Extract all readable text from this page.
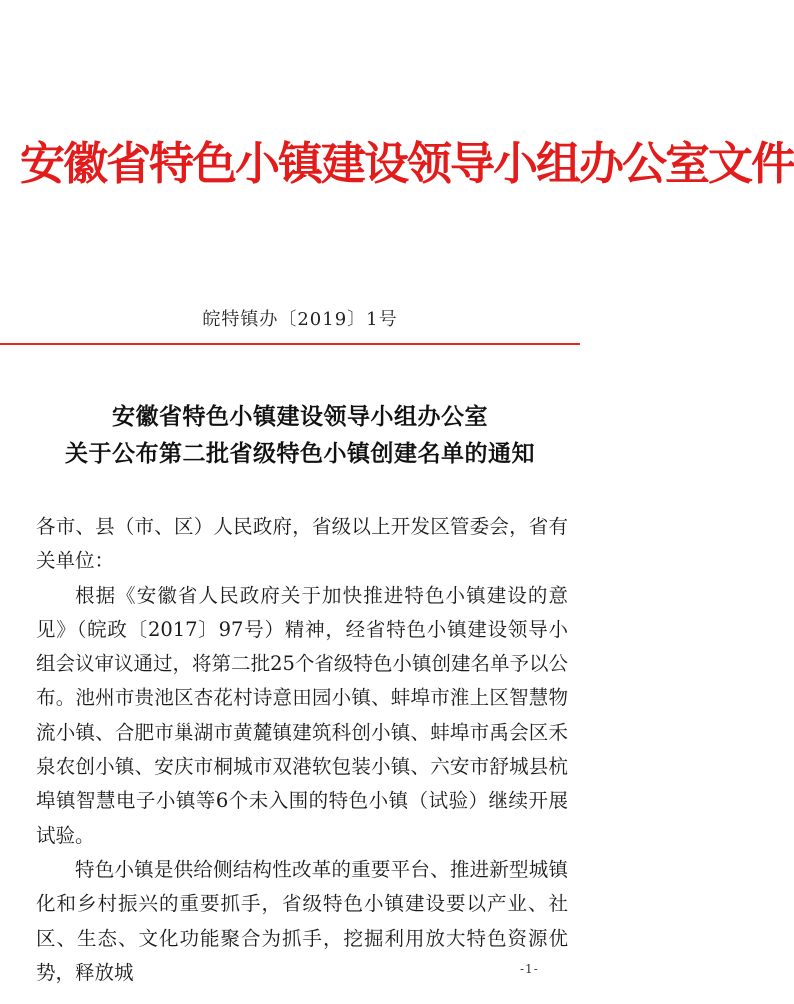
安徽省特色小镇建设领导小组办公室文件
皖特镇办〔2019〕1号
安徽省特色小镇建设领导小组办公室
关于公布第二批省级特色小镇创建名单的通知

各市、县（市、区）人民政府，省级以上开发区管委会，省有关单位：

根据《安徽省人民政府关于加快推进特色小镇建设的意见》（皖政〔2017〕97号）精神，经省特色小镇建设领导小组会议审议通过，将第二批25个省级特色小镇创建名单予以公布。池州市贵池区杏花村诗意田园小镇、蚌埠市淮上区智慧物流小镇、合肥市巢湖市黄麓镇建筑科创小镇、蚌埠市禹会区禾泉农创小镇、安庆市桐城市双港软包装小镇、六安市舒城县杭埠镇智慧电子小镇等6个未入围的特色小镇（试验）继续开展试验。

特色小镇是供给侧结构性改革的重要平台、推进新型城镇化和乡村振兴的重要抓手，省级特色小镇建设要以产业、社区、生态、文化功能聚合为抓手，挖掘利用放大特色资源优势，释放城	-1-
